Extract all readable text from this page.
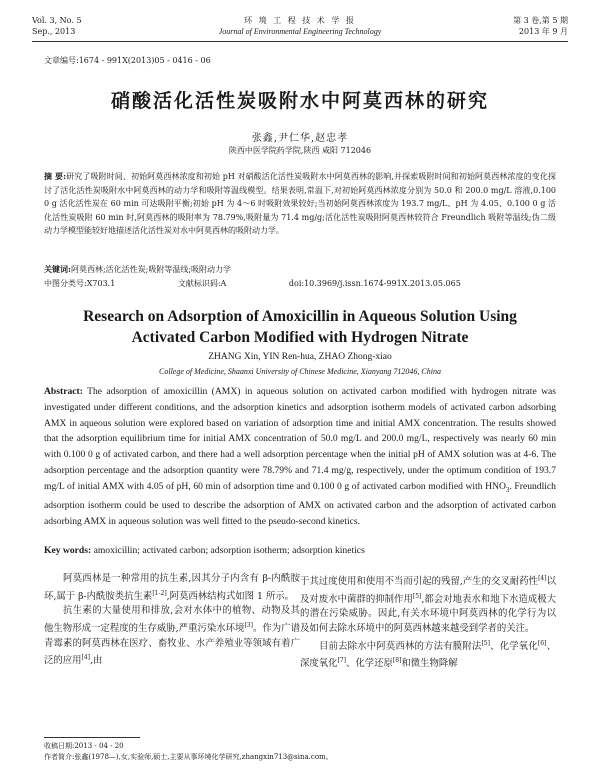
Vol. 3, No. 5
Sep., 2013
环 境 工 程 技 术 学 报
Journal of Environmental Engineering Technology
第 3 卷,第 5 期
2013 年 9 月
文章编号:1674 - 991X(2013)05 - 0416 - 06
硝酸活化活性炭吸附水中阿莫西林的研究
张鑫,尹仁华,赵忠孝
陕西中医学院药学院,陕西 咸阳 712046
摘 要:研究了吸附时间、初始阿莫西林浓度和初始 pH 对硝酸活化活性炭吸附水中阿莫西林的影响,并探索吸附时间和初始阿莫西林浓度的变化探讨了活化活性炭吸附水中阿莫西林的动力学和吸附等温线模型。结果表明,常温下,对初始阿莫西林浓度分别为 50.0 和 200.0 mg/L 溶液,0.100 0 g 活化活性炭在 60 min 可达吸附平衡;初始 pH 为 4～6 时吸附效果较好;当初始阿莫西林浓度为 193.7 mg/L、pH 为 4.05、0.100 0 g 活化活性炭吸附 60 min 时,阿莫西林的吸附率为 78.79%,吸附量为 71.4 mg/g;活化活性炭吸附阿莫西林较符合 Freundlich 吸附等温线;伪二级动力学模型能较好地描述活化活性炭对水中阿莫西林的吸附动力学。
关键词:阿莫西林;活化活性炭;吸附等温线;吸附动力学
中图分类号:X703.1	文献标识码:A	doi:10.3969/j.issn.1674-991X.2013.05.065
Research on Adsorption of Amoxicillin in Aqueous Solution Using
Activated Carbon Modified with Hydrogen Nitrate
ZHANG Xin, YIN Ren-hua, ZHAO Zhong-xiao
College of Medicine, Shaanxi University of Chinese Medicine, Xianyang 712046, China
Abstract: The adsorption of amoxicillin (AMX) in aqueous solution on activated carbon modified with hydrogen nitrate was investigated under different conditions, and the adsorption kinetics and adsorption isotherm models of activated carbon adsorbing AMX in aqueous solution were explored based on variation of adsorption time and initial AMX concentration. The results showed that the adsorption equilibrium time for initial AMX concentration of 50.0 mg/L and 200.0 mg/L, respectively was nearly 60 min with 0.100 0 g of activated carbon, and there had a well adsorption percentage when the initial pH of AMX solution was at 4-6. The adsorption percentage and the adsorption quantity were 78.79% and 71.4 mg/g, respectively, under the optimum condition of 193.7 mg/L of initial AMX with 4.05 of pH, 60 min of adsorption time and 0.100 0 g of activated carbon modified with $HNO_3$. Freundlich adsorption isotherm could be used to describe the adsorption of AMX on activated carbon and the adsorption of activated carbon adsorbing AMX in aqueous solution was well fitted to the pseudo-second kinetics.
Key words: amoxicillin; activated carbon; adsorption isotherm; adsorption kinetics

阿莫西林是一种常用的抗生素,因其分子内含有 β-内酰胺环,属于 β-内酰胺类抗生素[1-2],阿莫西林结构式如图 1 所示。

抗生素的大量使用和排放,会对水体中的植物、动物及其他生物形成一定程度的生存威胁,严重污染水环境[3]。作为广谱青霉素的阿莫西林在医疗、畜牧业、水产养殖业等领域有着广泛的应用[4],由

于其过度使用和使用不当而引起的残留,产生的交叉耐药性[4]以及对废水中菌群的抑制作用[5],都会对地表水和地下水造成极大的潜在污染威胁。因此,有关水环境中阿莫西林的化学行为以及如何去除水环境中的阿莫西林越来越受到学者的关注。

目前去除水中阿莫西林的方法有膜附法[5]、化学氧化[6]、深度氧化[7]、化学还原[8]和微生物降解

收稿日期:2013 - 04 - 20
作者简介:张鑫(1978—),女,实验师,硕士,主要从事环境化学研究,zhangxin713@sina.com。
